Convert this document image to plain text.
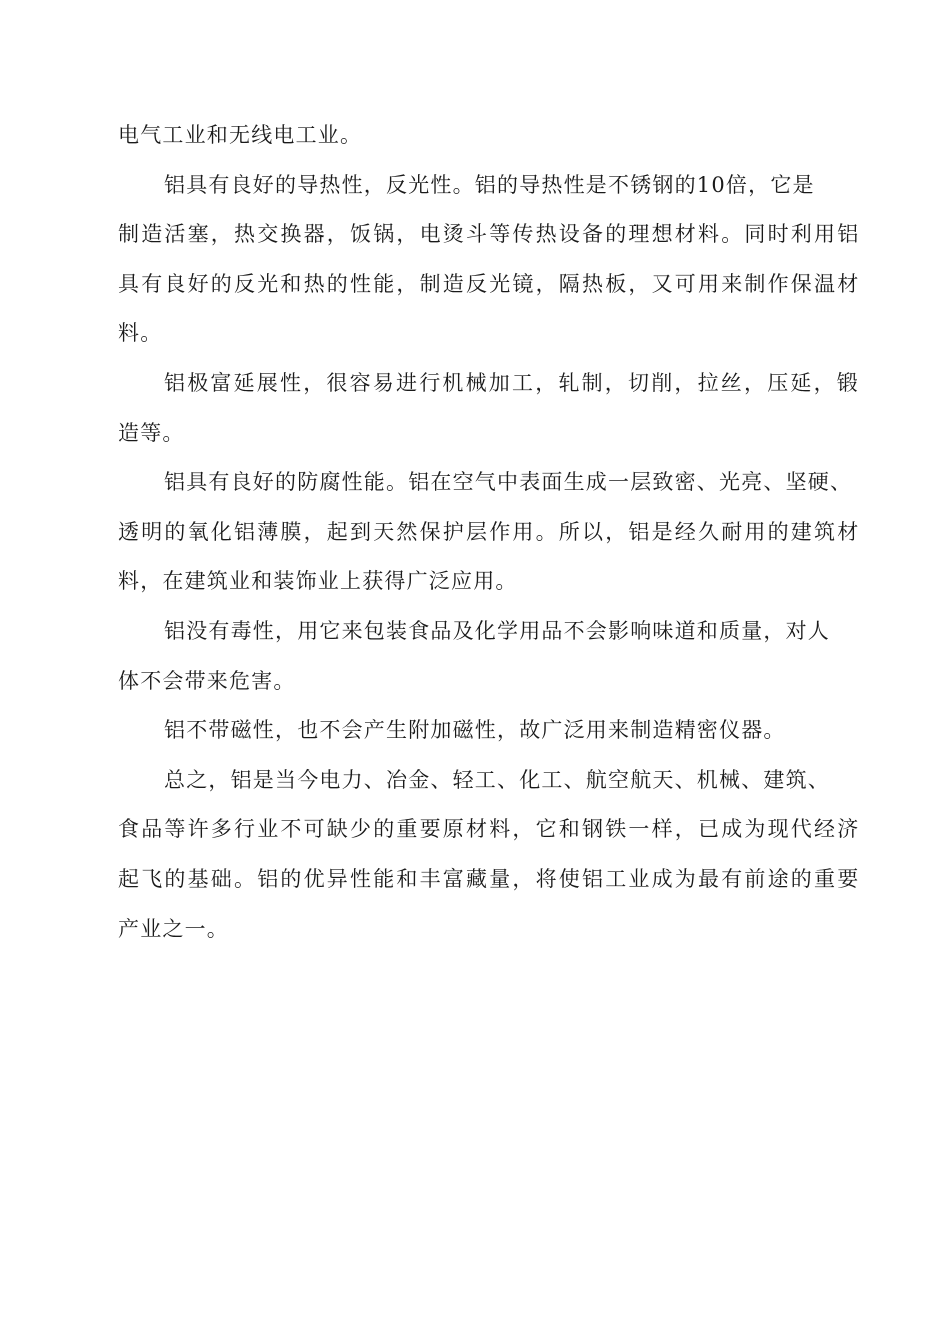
电气工业和无线电工业。
铝具有良好的导热性，反光性。铝的导热性是不锈钢的10倍，它是
制造活塞，热交换器，饭锅，电烫斗等传热设备的理想材料。同时利用铝
具有良好的反光和热的性能，制造反光镜，隔热板，又可用来制作保温材
料。
铝极富延展性，很容易进行机械加工，轧制，切削，拉丝，压延，锻
造等。
铝具有良好的防腐性能。铝在空气中表面生成一层致密、光亮、坚硬、
透明的氧化铝薄膜，起到天然保护层作用。所以，铝是经久耐用的建筑材
料，在建筑业和装饰业上获得广泛应用。
铝没有毒性，用它来包装食品及化学用品不会影响味道和质量，对人
体不会带来危害。
铝不带磁性，也不会产生附加磁性，故广泛用来制造精密仪器。
总之，铝是当今电力、冶金、轻工、化工、航空航天、机械、建筑、
食品等许多行业不可缺少的重要原材料，它和钢铁一样，已成为现代经济
起飞的基础。铝的优异性能和丰富藏量，将使铝工业成为最有前途的重要
产业之一。
